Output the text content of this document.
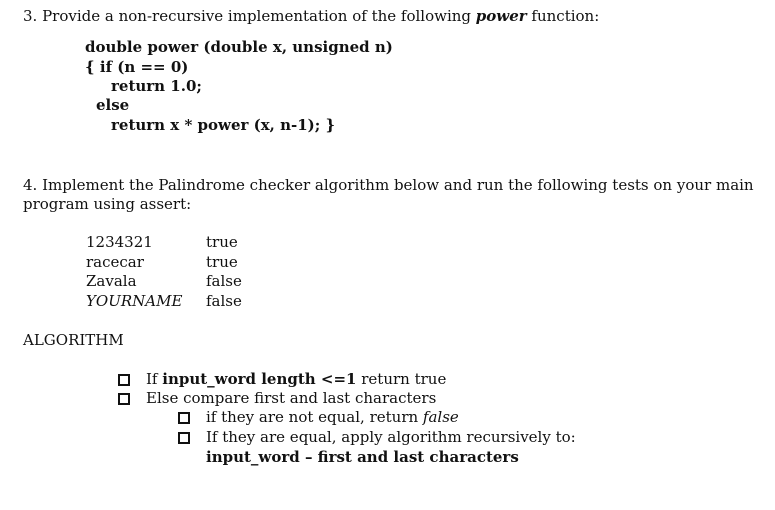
3. Provide a non-recursive implementation of the following power function:
double power (double x, unsigned n)
{ if (n == 0)
return 1.0;
else
return x * power (x, n-1); }
4. Implement the Palindrome checker algorithm below and run the following tests on your main
program using assert:
1234321	true
racecar	true
Zavala	false
YOURNAME false
ALGORITHM
If input_word length <=1 return true
Else compare first and last characters
if they are not equal, return false
If they are equal, apply algorithm recursively to:
input_word – first and last characters
